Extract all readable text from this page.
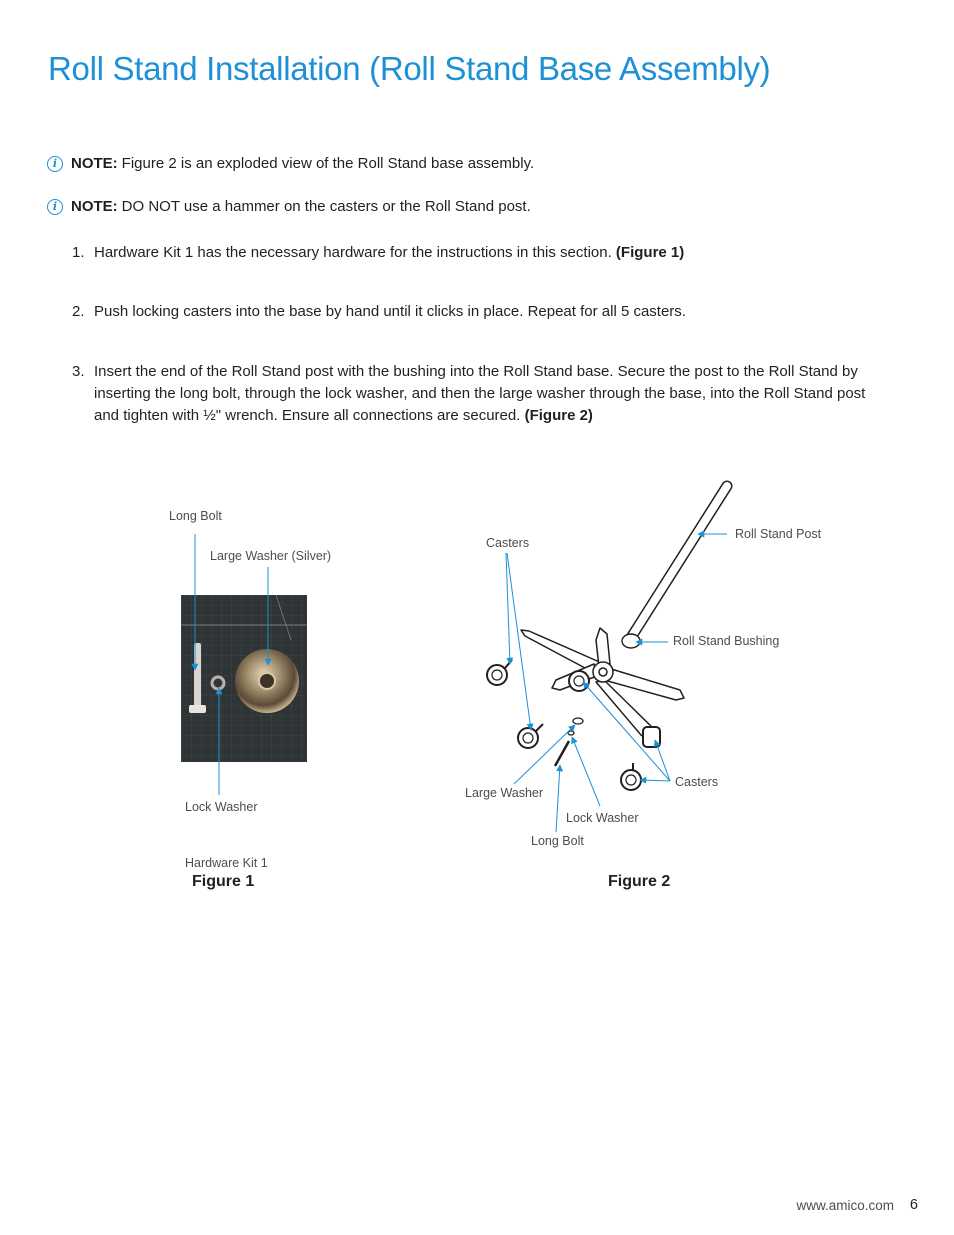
Roll Stand Installation (Roll Stand Base Assembly)
i NOTE: Figure 2 is an exploded view of the Roll Stand base assembly.
i NOTE: DO NOT use a hammer on the casters or the Roll Stand post.
1. Hardware Kit 1 has the necessary hardware for the instructions in this section. (Figure 1)
2. Push locking casters into the base by hand until it clicks in place. Repeat for all 5 casters.
3. Insert the end of the Roll Stand post with the bushing into the Roll Stand base. Secure the post to the Roll Stand by inserting the long bolt, through the lock washer, and then the large washer through the base, into the Roll Stand post and tighten with ½" wrench. Ensure all connections are secured. (Figure 2)
Long Bolt
Large Washer (Silver)
Lock Washer
Hardware Kit 1
Figure 1
Casters
Roll Stand Post
Roll Stand Bushing
Casters
Large Washer
Lock Washer
Long Bolt
Figure 2
www.amico.com 6
